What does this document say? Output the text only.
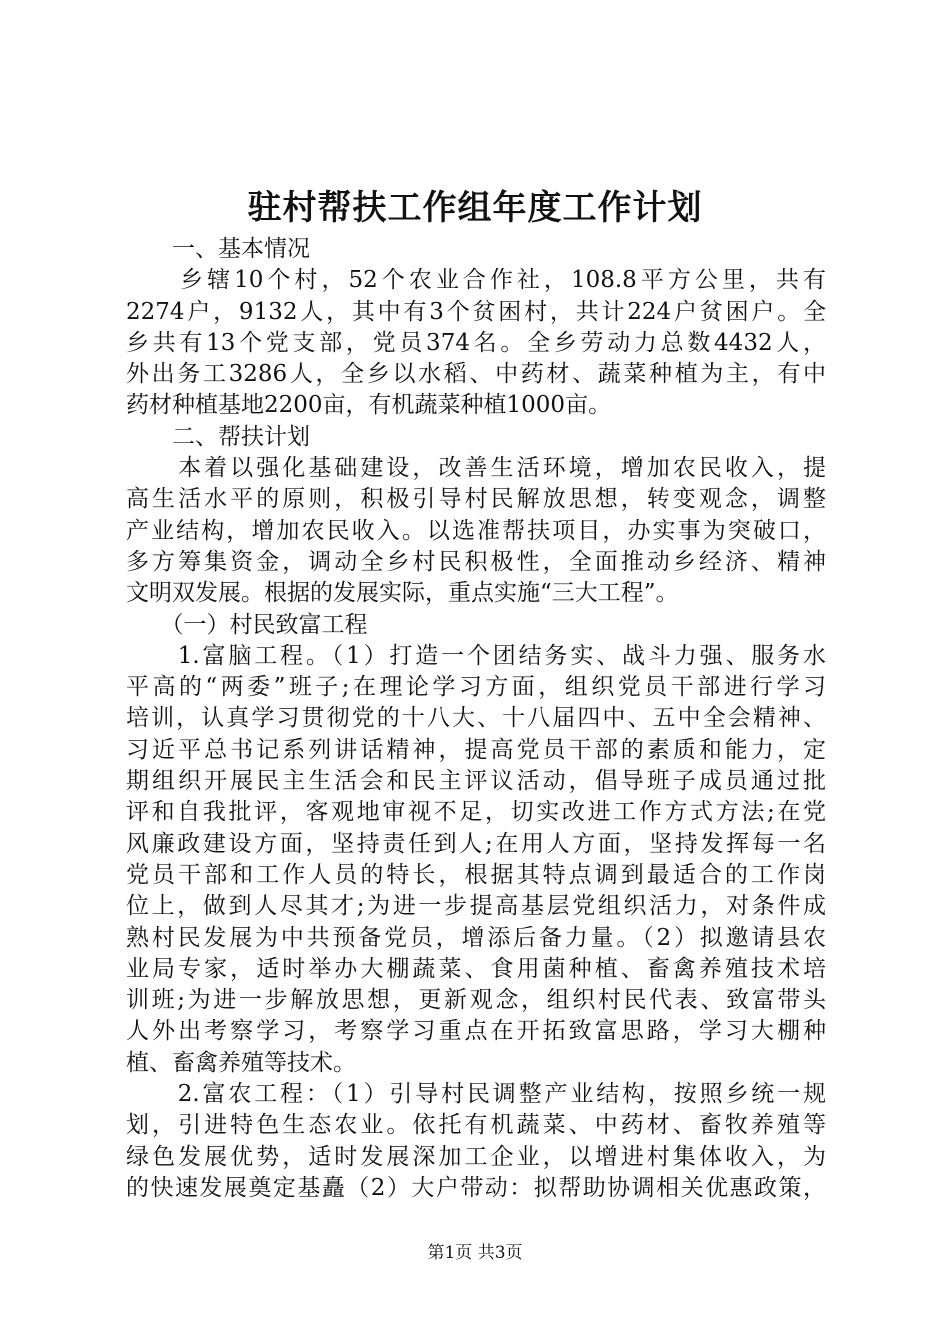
驻村帮扶工作组年度工作计划
　　一、基本情况
　　乡辖10个村，52个农业合作社，108.8平方公里，共有
2274户，9132人，其中有3个贫困村，共计224户贫困户。全
乡共有13个党支部，党员374名。全乡劳动力总数4432人，
外出务工3286人，全乡以水稻、中药材、蔬菜种植为主，有中
药材种植基地2200亩，有机蔬菜种植1000亩。
　　二、帮扶计划
　　本着以强化基础建设，改善生活环境，增加农民收入，提
高生活水平的原则，积极引导村民解放思想，转变观念，调整
产业结构，增加农民收入。以选准帮扶项目，办实事为突破口，
多方筹集资金，调动全乡村民积极性，全面推动乡经济、精神
文明双发展。根据的发展实际，重点实施“三大工程”。
　　（一）村民致富工程
　　1.富脑工程。（1）打造一个团结务实、战斗力强、服务水
平高的“两委”班子;在理论学习方面，组织党员干部进行学习
培训，认真学习贯彻党的十八大、十八届四中、五中全会精神、
习近平总书记系列讲话精神，提高党员干部的素质和能力，定
期组织开展民主生活会和民主评议活动，倡导班子成员通过批
评和自我批评，客观地审视不足，切实改进工作方式方法;在党
风廉政建设方面，坚持责任到人;在用人方面，坚持发挥每一名
党员干部和工作人员的特长，根据其特点调到最适合的工作岗
位上，做到人尽其才;为进一步提高基层党组织活力，对条件成
熟村民发展为中共预备党员，增添后备力量。（2）拟邀请县农
业局专家，适时举办大棚蔬菜、食用菌种植、畜禽养殖技术培
训班;为进一步解放思想，更新观念，组织村民代表、致富带头
人外出考察学习，考察学习重点在开拓致富思路，学习大棚种
植、畜禽养殖等技术。
　　2.富农工程：（1）引导村民调整产业结构，按照乡统一规
划，引进特色生态农业。依托有机蔬菜、中药材、畜牧养殖等
绿色发展优势，适时发展深加工企业，以增进村集体收入，为
的快速发展奠定基矗（2）大户带动：拟帮助协调相关优惠政策，
第1页 共3页
